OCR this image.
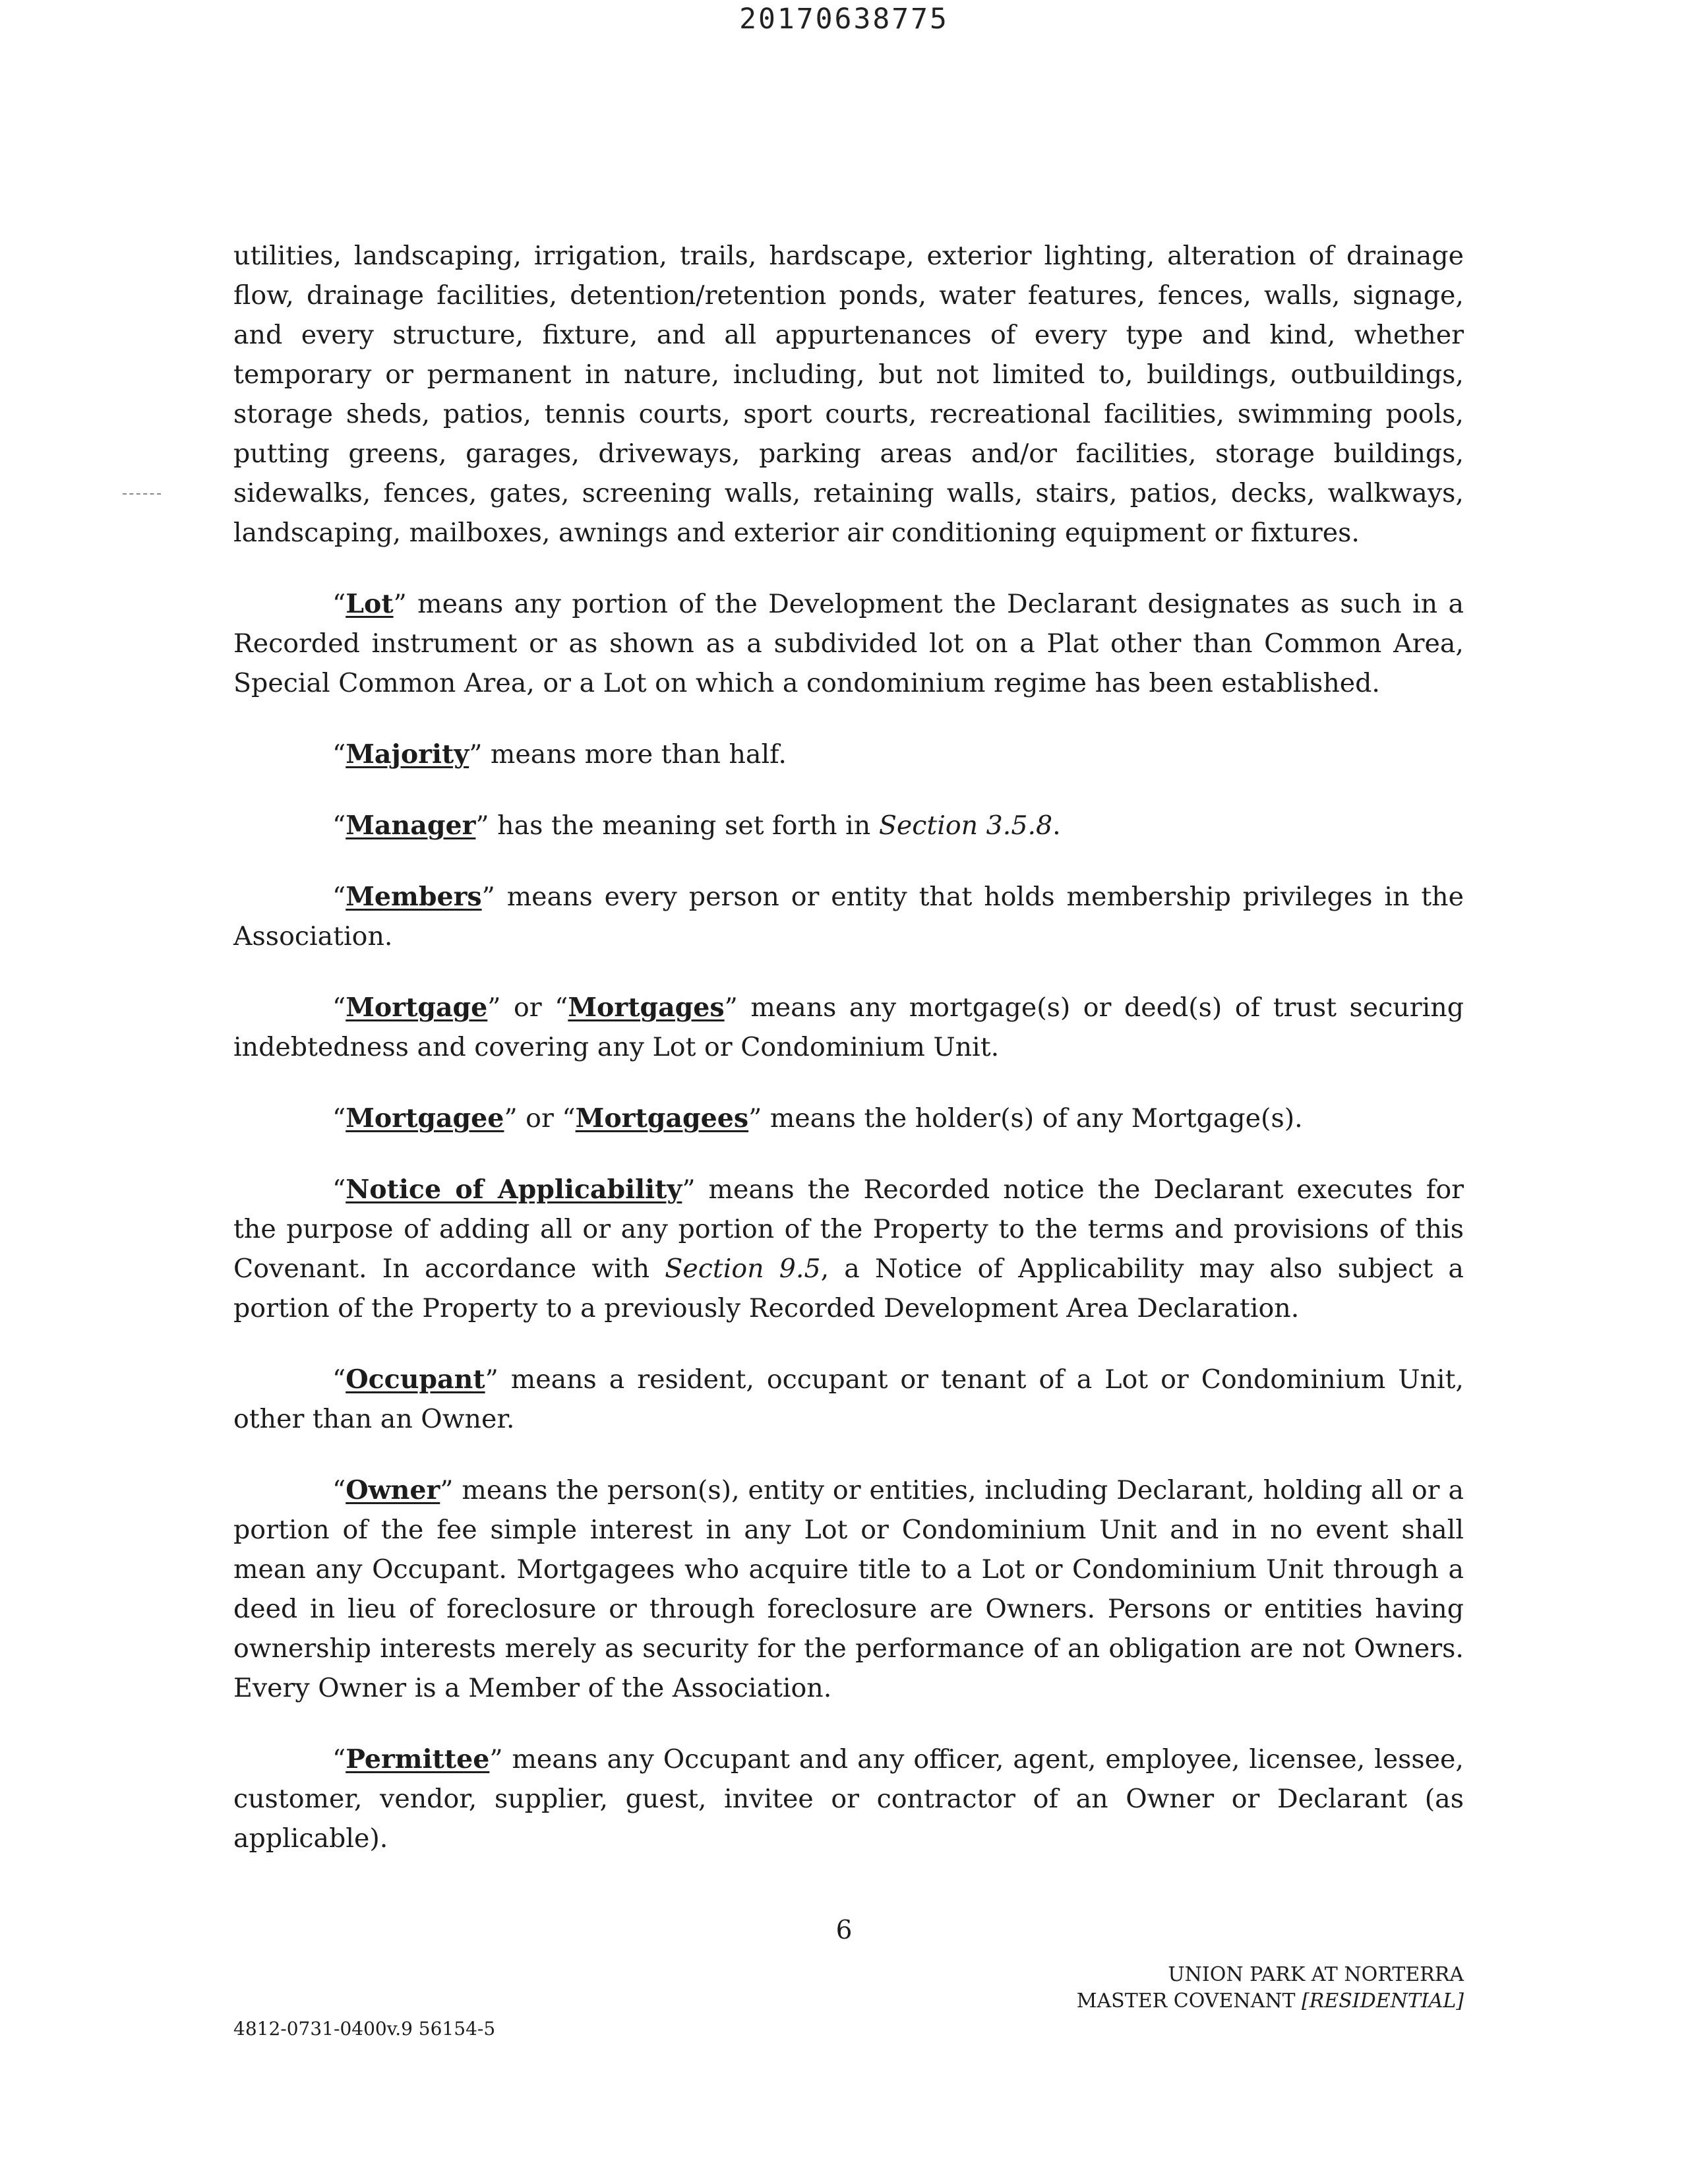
20170638775

utilities, landscaping, irrigation, trails, hardscape, exterior lighting, alteration of drainage flow, drainage facilities, detention/retention ponds, water features, fences, walls, signage, and every structure, fixture, and all appurtenances of every type and kind, whether temporary or permanent in nature, including, but not limited to, buildings, outbuildings, storage sheds, patios, tennis courts, sport courts, recreational facilities, swimming pools, putting greens, garages, driveways, parking areas and/or facilities, storage buildings, sidewalks, fences, gates, screening walls, retaining walls, stairs, patios, decks, walkways, landscaping, mailboxes, awnings and exterior air conditioning equipment or fixtures.

“Lot” means any portion of the Development the Declarant designates as such in a Recorded instrument or as shown as a subdivided lot on a Plat other than Common Area, Special Common Area, or a Lot on which a condominium regime has been established.

“Majority” means more than half.

“Manager” has the meaning set forth in Section 3.5.8.

“Members” means every person or entity that holds membership privileges in the Association.

“Mortgage” or “Mortgages” means any mortgage(s) or deed(s) of trust securing indebtedness and covering any Lot or Condominium Unit.

“Mortgagee” or “Mortgagees” means the holder(s) of any Mortgage(s).

“Notice of Applicability” means the Recorded notice the Declarant executes for the purpose of adding all or any portion of the Property to the terms and provisions of this Covenant. In accordance with Section 9.5, a Notice of Applicability may also subject a portion of the Property to a previously Recorded Development Area Declaration.

“Occupant” means a resident, occupant or tenant of a Lot or Condominium Unit, other than an Owner.

“Owner” means the person(s), entity or entities, including Declarant, holding all or a portion of the fee simple interest in any Lot or Condominium Unit and in no event shall mean any Occupant. Mortgagees who acquire title to a Lot or Condominium Unit through a deed in lieu of foreclosure or through foreclosure are Owners. Persons or entities having ownership interests merely as security for the performance of an obligation are not Owners. Every Owner is a Member of the Association.

“Permittee” means any Occupant and any officer, agent, employee, licensee, lessee, customer, vendor, supplier, guest, invitee or contractor of an Owner or Declarant (as applicable).

6
UNION PARK AT NORTERRA
MASTER COVENANT [RESIDENTIAL]
4812-0731-0400v.9 56154-5
